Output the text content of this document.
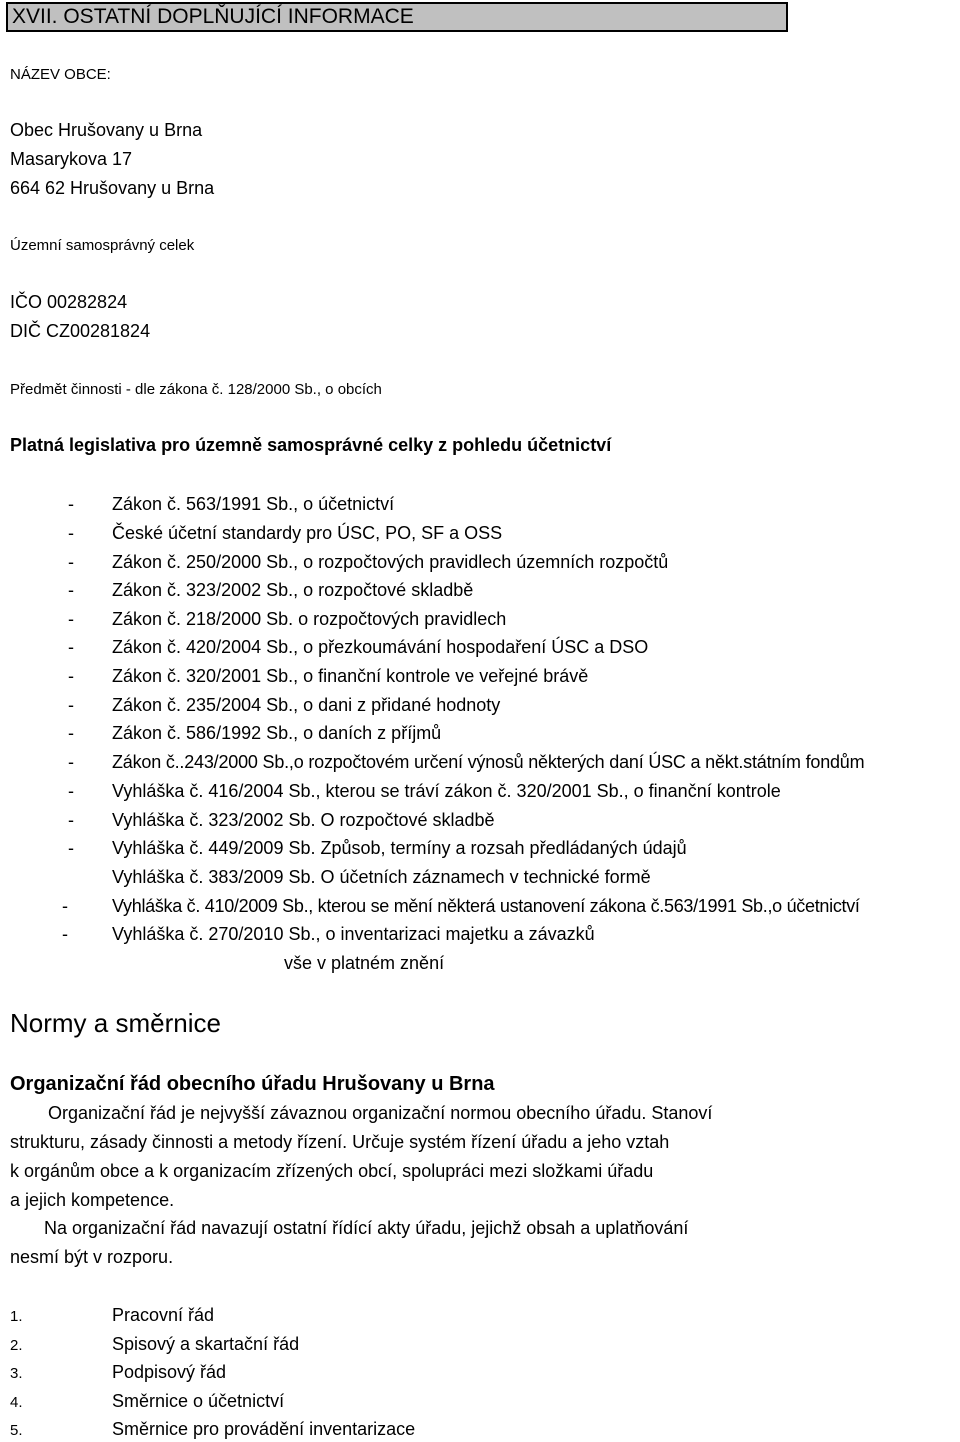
XVII. OSTATNÍ DOPLŇUJÍCÍ INFORMACE
NÁZEV OBCE:
Obec Hrušovany u Brna
Masarykova 17
664 62 Hrušovany u Brna
Územní samosprávný celek
IČO 00282824
DIČ CZ00281824
Předmět činnosti - dle zákona č. 128/2000 Sb., o obcích
Platná legislativa pro územně samosprávné celky z pohledu účetnictví
- Zákon č. 563/1991 Sb., o účetnictví
- České účetní standardy pro ÚSC, PO, SF a OSS
- Zákon č. 250/2000 Sb., o rozpočtových pravidlech územních rozpočtů
- Zákon č. 323/2002 Sb., o rozpočtové skladbě
- Zákon č. 218/2000 Sb. o rozpočtových pravidlech
- Zákon č. 420/2004 Sb., o přezkoumávání hospodaření ÚSC a DSO
- Zákon č. 320/2001 Sb., o finanční kontrole ve veřejné brávě
- Zákon č. 235/2004 Sb., o dani z přidané hodnoty
- Zákon č. 586/1992 Sb., o daních z příjmů
- Zákon č..243/2000 Sb.,o rozpočtovém určení výnosů některých daní ÚSC a někt.státním fondům
- Vyhláška č. 416/2004 Sb., kterou se tráví zákon č. 320/2001 Sb., o finanční kontrole
- Vyhláška č. 323/2002 Sb. O rozpočtové skladbě
- Vyhláška č. 449/2009 Sb. Způsob, termíny a rozsah předládaných údajů
Vyhláška č. 383/2009 Sb. O účetních záznamech v technické formě
- Vyhláška č. 410/2009 Sb., kterou se mění některá ustanovení zákona č.563/1991 Sb.,o účetnictví
- Vyhláška č. 270/2010 Sb., o inventarizaci majetku a závazků
vše v platném znění
Normy a směrnice
Organizační řád obecního úřadu Hrušovany u Brna
Organizační řád je nejvyšší závaznou organizační normou obecního úřadu. Stanoví
strukturu, zásady činnosti a metody řízení. Určuje systém řízení úřadu a jeho vztah
k orgánům obce a k organizacím zřízených obcí, spolupráci mezi složkami úřadu
a jejich kompetence.
Na organizační řád navazují ostatní řídící akty úřadu, jejichž obsah a uplatňování
nesmí být v rozporu.
1.	Pracovní řád
2.	Spisový a skartační řád
3.	Podpisový řád
4.	Směrnice o účetnictví
5.	Směrnice pro provádění inventarizace
